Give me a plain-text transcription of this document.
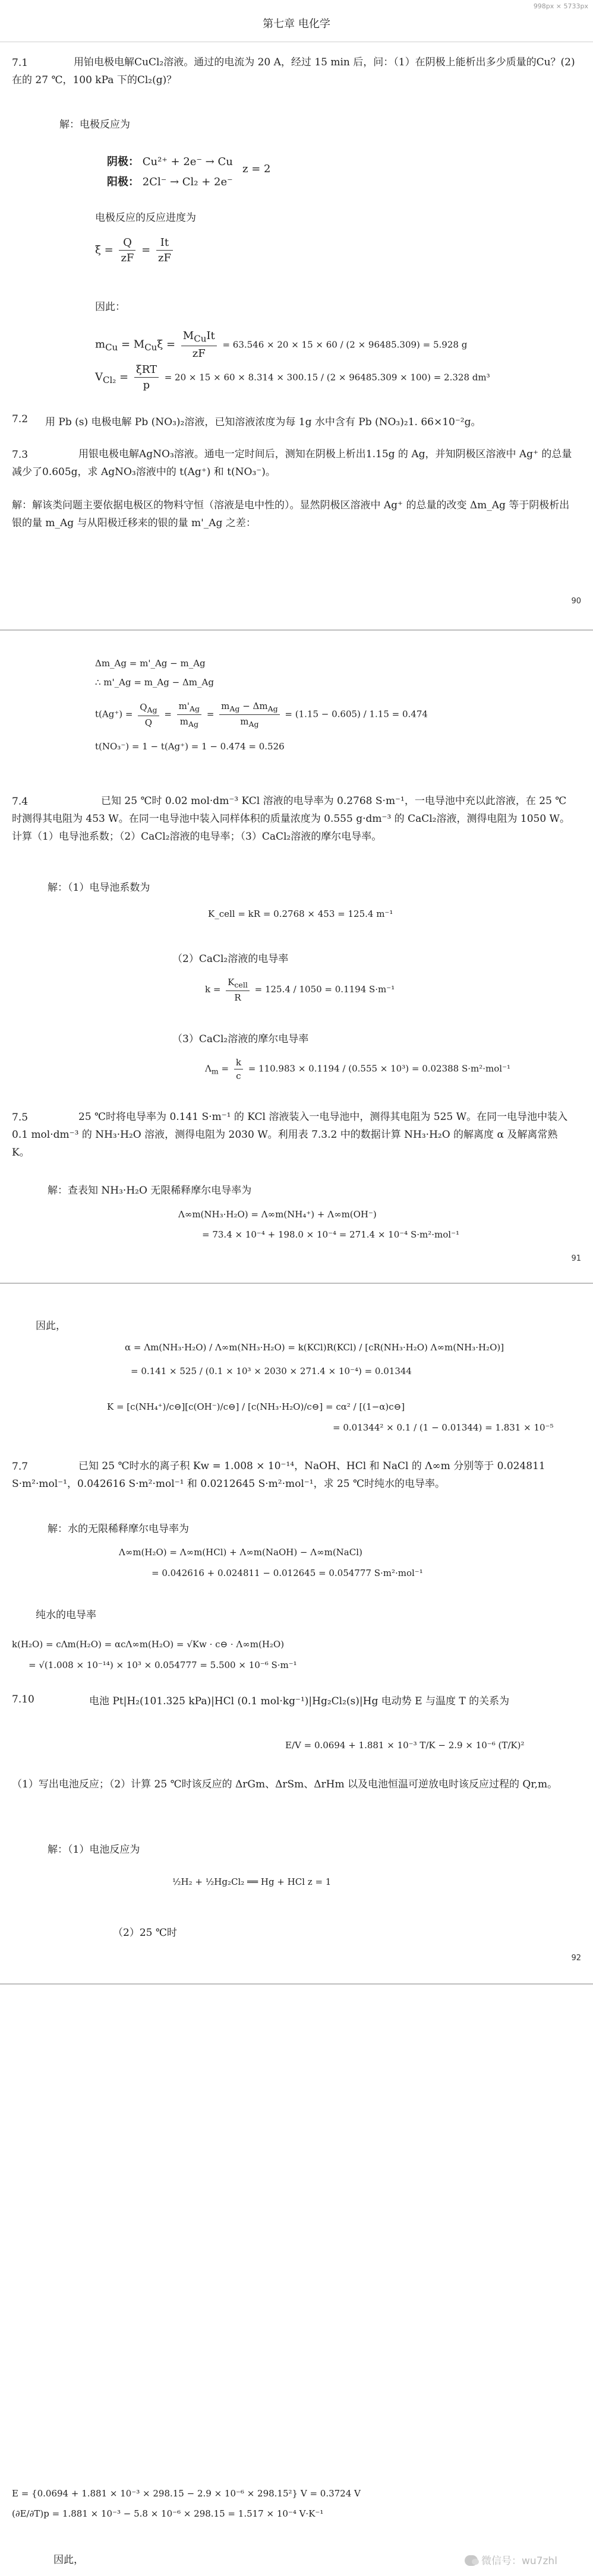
998px × 5733px
第七章 电化学
7.1	用铂电极电解CuCl₂溶液。通过的电流为 20 A，经过 15 min 后，问：（1）在阴极上能析出多少质量的Cu？(2) 在的 27 ℃，100 kPa 下的Cl₂(g)？
解：电极反应为
阴极： Cu²⁺ + 2e⁻ → Cu
阳极： 2Cl⁻ → Cl₂ + 2e⁻
z = 2
电极反应的反应进度为
$\xi = \frac{Q}{zF} = \frac{It}{zF}$
因此：
$m_{Cu} = M_{Cu}\xi = \frac{M_{Cu}It}{zF} = 63.546 \times 20 \times 15 \times 60 / (2 \times 96485.309) = 5.928$ g
$V_{Cl_2} = \frac{\text{ξRT}}{p} = 20 \times 15 \times 60 \times 8.314 \times 300.15 / (2 \times 96485.309 \times 100) = 2.328$ dm³
7.2 用 Pb (s) 电极电解 Pb (NO₃)₂溶液，已知溶液浓度为每 1g 水中含有 Pb (NO₃)₂1. 66×10⁻²g。
7.3	用银电极电解AgNO₃溶液。通电一定时间后，测知在阴极上析出1.15g 的 Ag，并知阴极区溶液中 Ag⁺ 的总量减少了0.605g，求 AgNO₃溶液中的 t(Ag⁺) 和 t(NO₃⁻)。
解：解该类问题主要依据电极区的物料守恒（溶液是电中性的）。显然阴极区溶液中 Ag⁺ 的总量的改变 Δm_Ag 等于阴极析出银的量 m_Ag 与从阳极迁移来的银的量 m'_Ag 之差：
90
Δm_Ag = m'_Ag − m_Ag
∴ m'_Ag = m_Ag − Δm_Ag
$t(Ag^+) = \frac{Q_{Ag}}{Q} = \frac{m'_{Ag}}{m_{Ag}} = \frac{m_{Ag} - \Delta m_{Ag}}{m_{Ag}} = (1.15 - 0.605) / 1.15 = 0.474$
t(NO₃⁻) = 1 − t(Ag⁺) = 1 − 0.474 = 0.526
7.4	已知 25 ℃时 0.02 mol·dm⁻³ KCl 溶液的电导率为 0.2768 S·m⁻¹，一电导池中充以此溶液，在 25 ℃时测得其电阻为 453 W。在同一电导池中装入同样体积的质量浓度为 0.555 g·dm⁻³ 的 CaCl₂溶液，测得电阻为 1050 W。计算（1）电导池系数；（2）CaCl₂溶液的电导率；（3）CaCl₂溶液的摩尔电导率。
解：（1）电导池系数为
K_cell = kR = 0.2768 × 453 = 125.4 m⁻¹
（2）CaCl₂溶液的电导率
$k = \frac{K_{cell}}{R} = 125.4 / 1050 = 0.1194$ S·m⁻¹
（3）CaCl₂溶液的摩尔电导率
$\Lambda_m = \frac{k}{c} = 110.983 \times 0.1194 / (0.555 \times 10^3) = 0.02388$ S·m²·mol⁻¹
7.5	25 ℃时将电导率为 0.141 S·m⁻¹ 的 KCl 溶液装入一电导池中，测得其电阻为 525 W。在同一电导池中装入 0.1 mol·dm⁻³ 的 NH₃·H₂O 溶液，测得电阻为 2030 W。利用表 7.3.2 中的数据计算 NH₃·H₂O 的解离度 α 及解离常熟 K。
解：查表知 NH₃·H₂O 无限稀释摩尔电导率为
Λ∞m(NH₃·H₂O) = Λ∞m(NH₄⁺) + Λ∞m(OH⁻)
= 73.4 × 10⁻⁴ + 198.0 × 10⁻⁴ = 271.4 × 10⁻⁴ S·m²·mol⁻¹
91
因此，
α = Λm(NH₃·H₂O) / Λ∞m(NH₃·H₂O) = k(KCl)R(KCl) / [cR(NH₃·H₂O) Λ∞m(NH₃·H₂O)]
= 0.141 × 525 / (0.1 × 10³ × 2030 × 271.4 × 10⁻⁴) = 0.01344
K = [c(NH₄⁺)/c⊖][c(OH⁻)/c⊖] / [c(NH₃·H₂O)/c⊖] = cα² / [(1−α)c⊖]
= 0.01344² × 0.1 / (1 − 0.01344) = 1.831 × 10⁻⁵
7.7	已知 25 ℃时水的离子积 Kw = 1.008 × 10⁻¹⁴，NaOH、HCl 和 NaCl 的 Λ∞m 分别等于 0.024811 S·m²·mol⁻¹，0.042616 S·m²·mol⁻¹ 和 0.0212645 S·m²·mol⁻¹，求 25 ℃时纯水的电导率。
解：水的无限稀释摩尔电导率为
Λ∞m(H₂O) = Λ∞m(HCl) + Λ∞m(NaOH) − Λ∞m(NaCl)
= 0.042616 + 0.024811 − 0.012645 = 0.054777 S·m²·mol⁻¹
纯水的电导率
k(H₂O) = cΛm(H₂O) = αcΛ∞m(H₂O) = √Kw · c⊖ · Λ∞m(H₂O)
= √(1.008 × 10⁻¹⁴) × 10³ × 0.054777 = 5.500 × 10⁻⁶ S·m⁻¹
7.10	电池 Pt|H₂(101.325 kPa)|HCl (0.1 mol·kg⁻¹)|Hg₂Cl₂(s)|Hg 电动势 E 与温度 T 的关系为
E/V = 0.0694 + 1.881 × 10⁻³ T/K − 2.9 × 10⁻⁶ (T/K)²
（1）写出电池反应；（2）计算 25 ℃时该反应的 ΔrGm、ΔrSm、ΔrHm 以及电池恒温可逆放电时该反应过程的 Qr,m。
解：（1）电池反应为
½H₂ + ½Hg₂Cl₂ ══ Hg + HCl z = 1
（2）25 ℃时
92
E = {0.0694 + 1.881 × 10⁻³ × 298.15 − 2.9 × 10⁻⁶ × 298.15²} V = 0.3724 V
(∂E/∂T)p = 1.881 × 10⁻³ − 5.8 × 10⁻⁶ × 298.15 = 1.517 × 10⁻⁴ V·K⁻¹
因此，	微信号：wu7zhl
